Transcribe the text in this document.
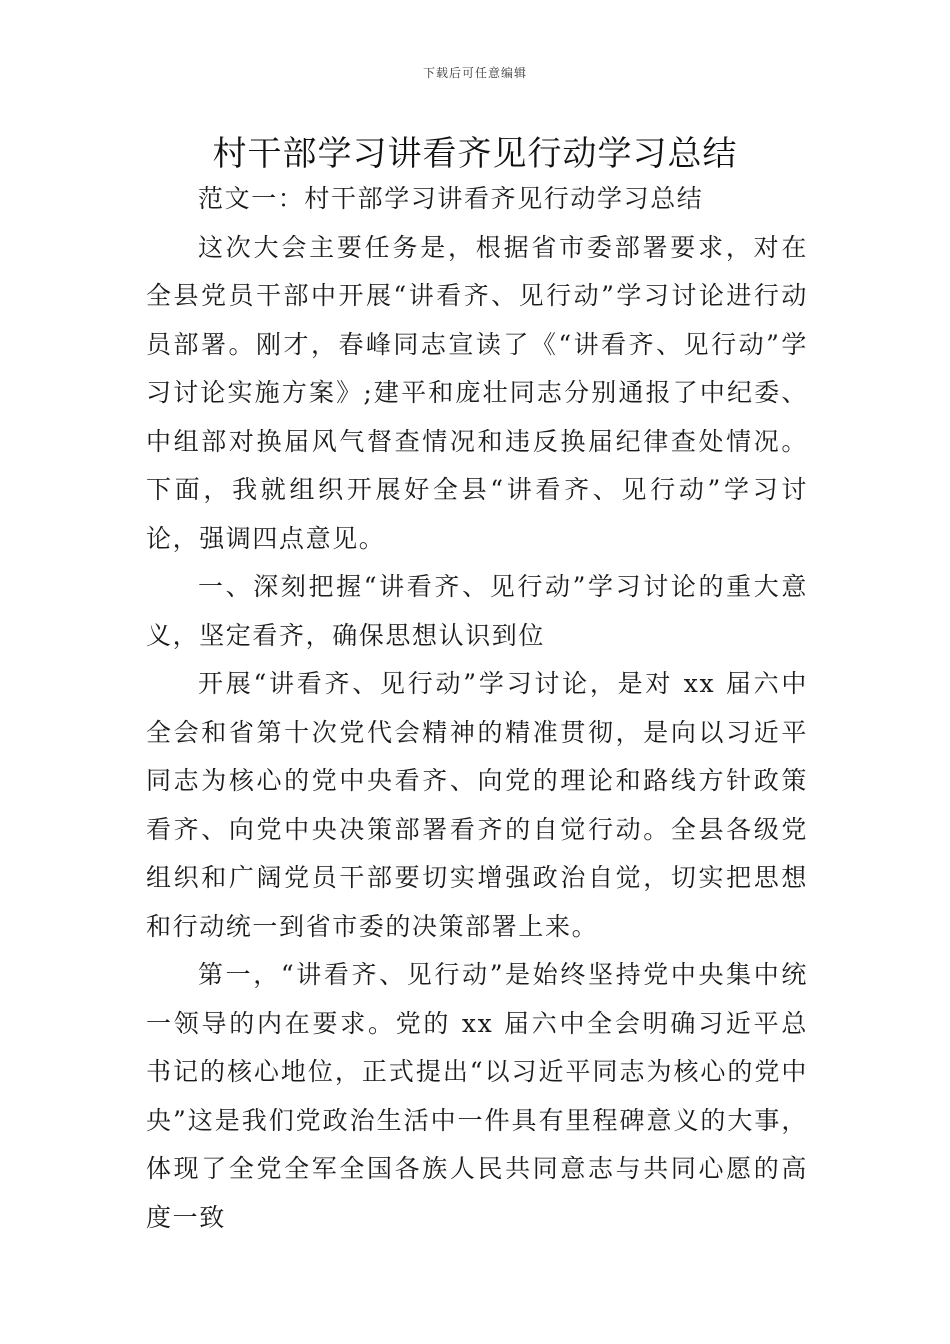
下载后可任意编辑
村干部学习讲看齐见行动学习总结

范文一：村干部学习讲看齐见行动学习总结

这次大会主要任务是，根据省市委部署要求，对在全县党员干部中开展“讲看齐、见行动”学习讨论进行动员部署。刚才，春峰同志宣读了《“讲看齐、见行动”学习讨论实施方案》;建平和庞壮同志分别通报了中纪委、中组部对换届风气督查情况和违反换届纪律查处情况。下面，我就组织开展好全县“讲看齐、见行动”学习讨论，强调四点意见。

一、深刻把握“讲看齐、见行动”学习讨论的重大意义，坚定看齐，确保思想认识到位

开展“讲看齐、见行动”学习讨论，是对 xx 届六中全会和省第十次党代会精神的精准贯彻，是向以习近平同志为核心的党中央看齐、向党的理论和路线方针政策看齐、向党中央决策部署看齐的自觉行动。全县各级党组织和广阔党员干部要切实增强政治自觉，切实把思想和行动统一到省市委的决策部署上来。

第一，“讲看齐、见行动”是始终坚持党中央集中统一领导的内在要求。党的 xx 届六中全会明确习近平总书记的核心地位，正式提出“以习近平同志为核心的党中央”这是我们党政治生活中一件具有里程碑意义的大事，体现了全党全军全国各族人民共同意志与共同心愿的高度一致
